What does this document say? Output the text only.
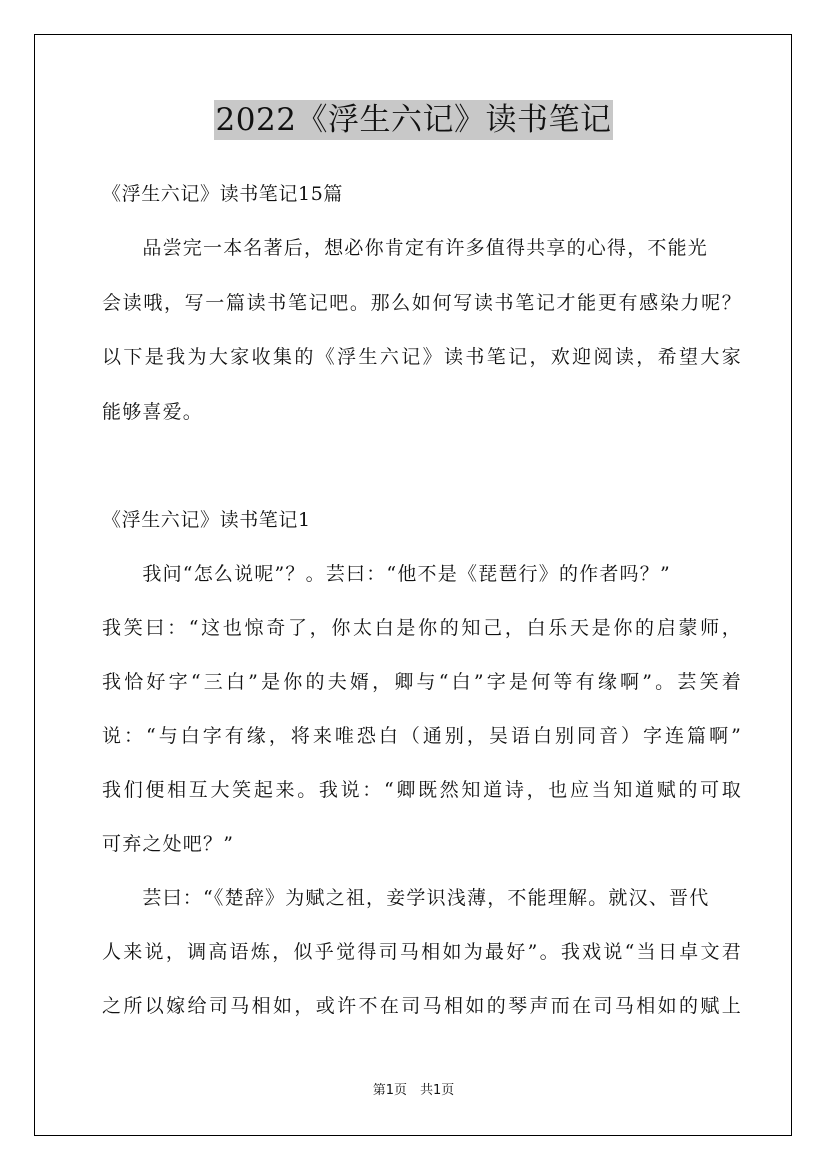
2022《浮生六记》读书笔记
《浮生六记》读书笔记15篇
　　品尝完一本名著后，想必你肯定有许多值得共享的心得，不能光
会读哦，写一篇读书笔记吧。那么如何写读书笔记才能更有感染力呢？
以下是我为大家收集的《浮生六记》读书笔记，欢迎阅读，希望大家
能够喜爱。
《浮生六记》读书笔记1
　　我问“怎么说呢”？。芸曰：“他不是《琵琶行》的作者吗？”
我笑曰：“这也惊奇了，你太白是你的知己，白乐天是你的启蒙师，
我恰好字“三白”是你的夫婿，卿与“白”字是何等有缘啊”。芸笑着
说：“与白字有缘，将来唯恐白（通别，吴语白别同音）字连篇啊”
我们便相互大笑起来。我说：“卿既然知道诗，也应当知道赋的可取
可弃之处吧？”
　　芸曰：“《楚辞》为赋之祖，妾学识浅薄，不能理解。就汉、晋代
人来说，调高语炼，似乎觉得司马相如为最好”。我戏说“当日卓文君
之所以嫁给司马相如，或许不在司马相如的琴声而在司马相如的赋上
第1页　共1页
